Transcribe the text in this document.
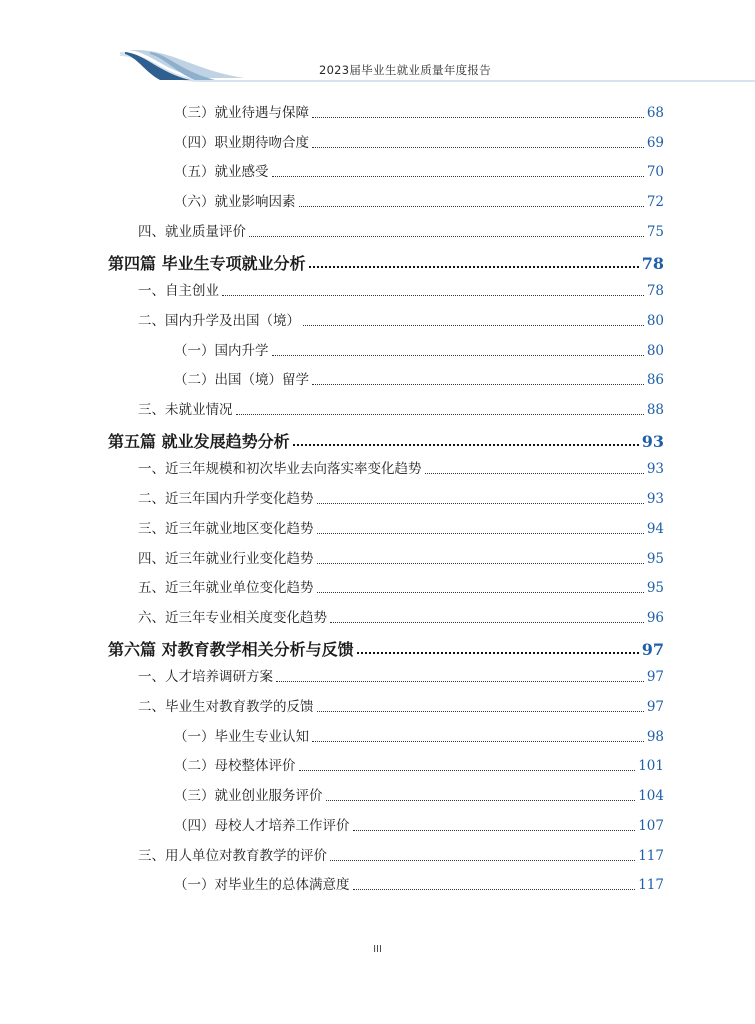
2023届毕业生就业质量年度报告
（三）就业待遇与保障	68
（四）职业期待吻合度	69
（五）就业感受	70
（六）就业影响因素	72
四、就业质量评价	75
第四篇 毕业生专项就业分析	78
一、自主创业	78
二、国内升学及出国（境）	80
（一）国内升学	80
（二）出国（境）留学	86
三、未就业情况	88
第五篇 就业发展趋势分析	93
一、近三年规模和初次毕业去向落实率变化趋势	93
二、近三年国内升学变化趋势	93
三、近三年就业地区变化趋势	94
四、近三年就业行业变化趋势	95
五、近三年就业单位变化趋势	95
六、近三年专业相关度变化趋势	96
第六篇 对教育教学相关分析与反馈	97
一、人才培养调研方案	97
二、毕业生对教育教学的反馈	97
（一）毕业生专业认知	98
（二）母校整体评价	101
（三）就业创业服务评价	104
（四）母校人才培养工作评价	107
三、用人单位对教育教学的评价	117
（一）对毕业生的总体满意度	117
III
